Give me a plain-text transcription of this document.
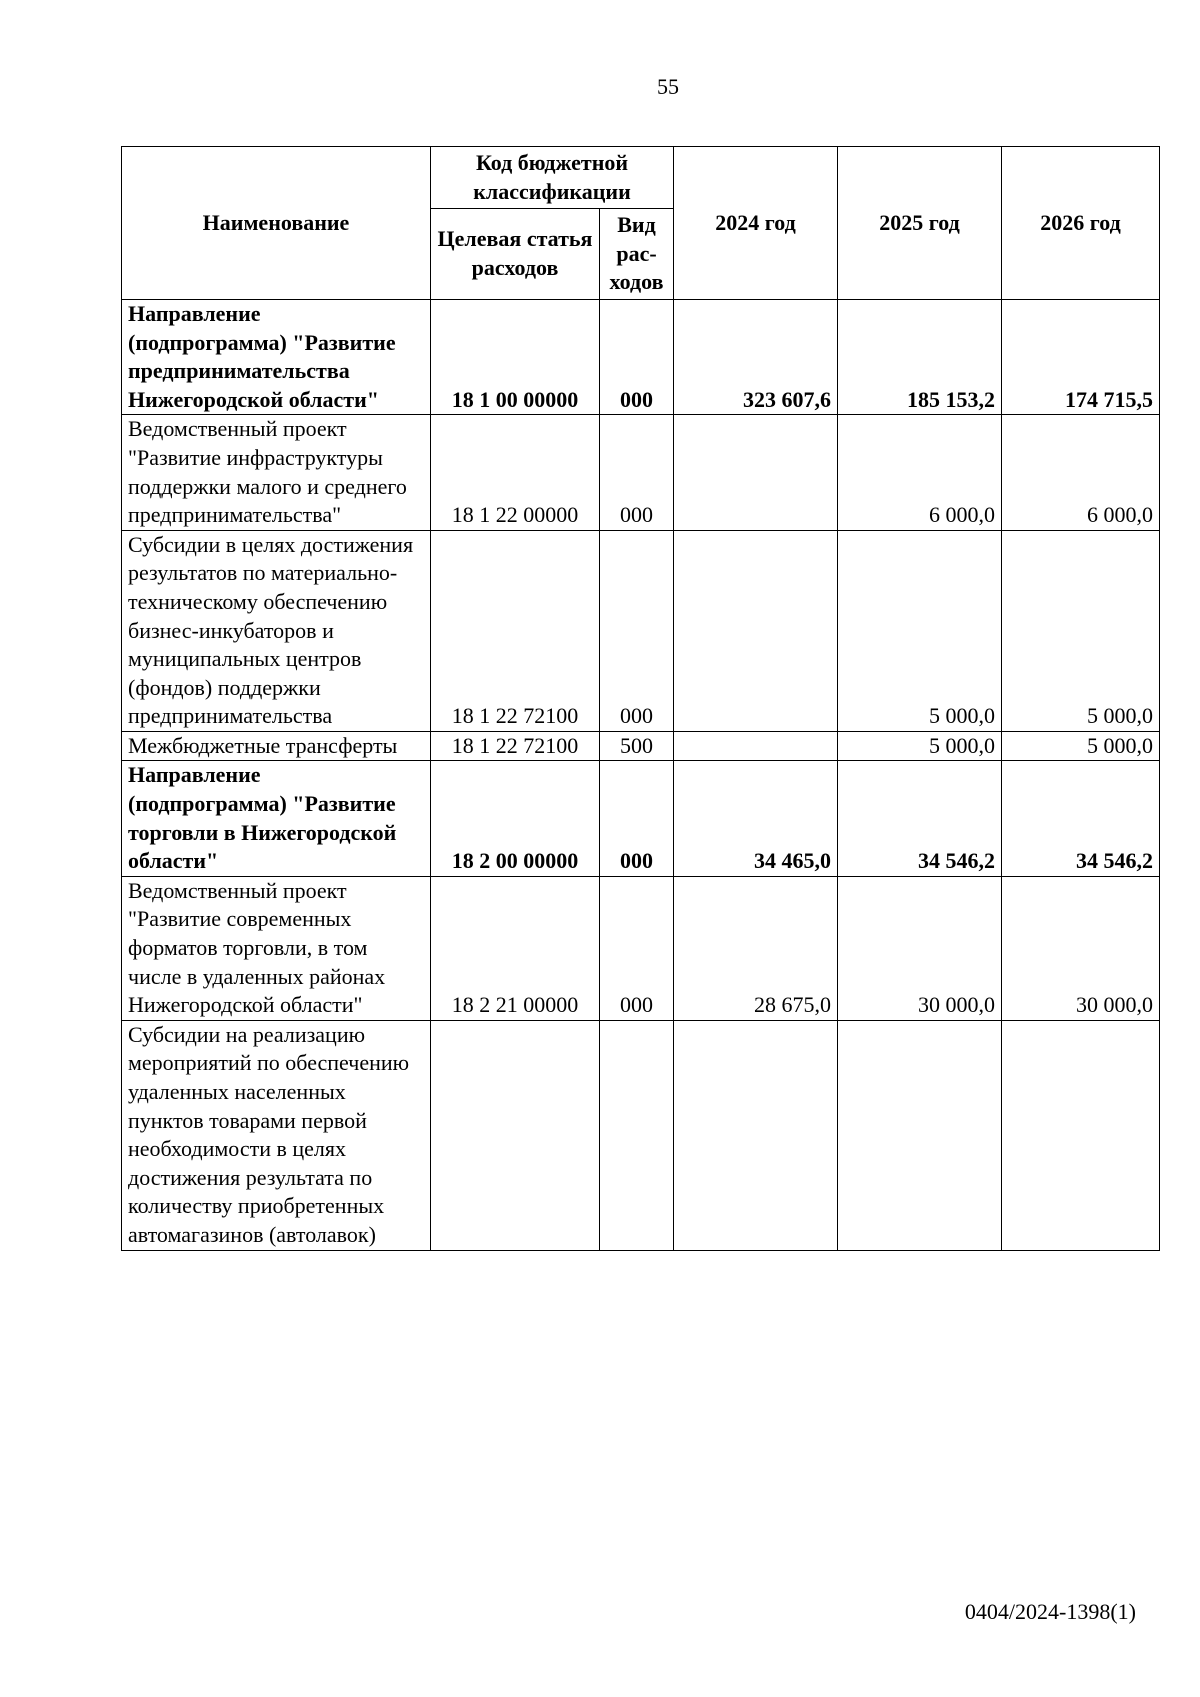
55
Наименование	Код бюджетной классификации		2024 год	2025 год	2026 год
	Целевая статья расходов	Вид рас-ходов			
Направление (подпрограмма) "Развитие предпринимательства Нижегородской области"	18 1 00 00000	000	323 607,6	185 153,2	174 715,5
Ведомственный проект "Развитие инфраструктуры поддержки малого и среднего предпринимательства"	18 1 22 00000	000		6 000,0	6 000,0
Субсидии в целях достижения результатов по материально-техническому обеспечению бизнес-инкубаторов и муниципальных центров (фондов) поддержки предпринимательства	18 1 22 72100	000		5 000,0	5 000,0
Межбюджетные трансферты	18 1 22 72100	500		5 000,0	5 000,0
Направление (подпрограмма) "Развитие торговли в Нижегородской области"	18 2 00 00000	000	34 465,0	34 546,2	34 546,2
Ведомственный проект "Развитие современных форматов торговли, в том числе в удаленных районах Нижегородской области"	18 2 21 00000	000	28 675,0	30 000,0	30 000,0
Субсидии на реализацию мероприятий по обеспечению удаленных населенных пунктов товарами первой необходимости в целях достижения результата по количеству приобретенных автомагазинов (автолавок)					
0404/2024-1398(1)
